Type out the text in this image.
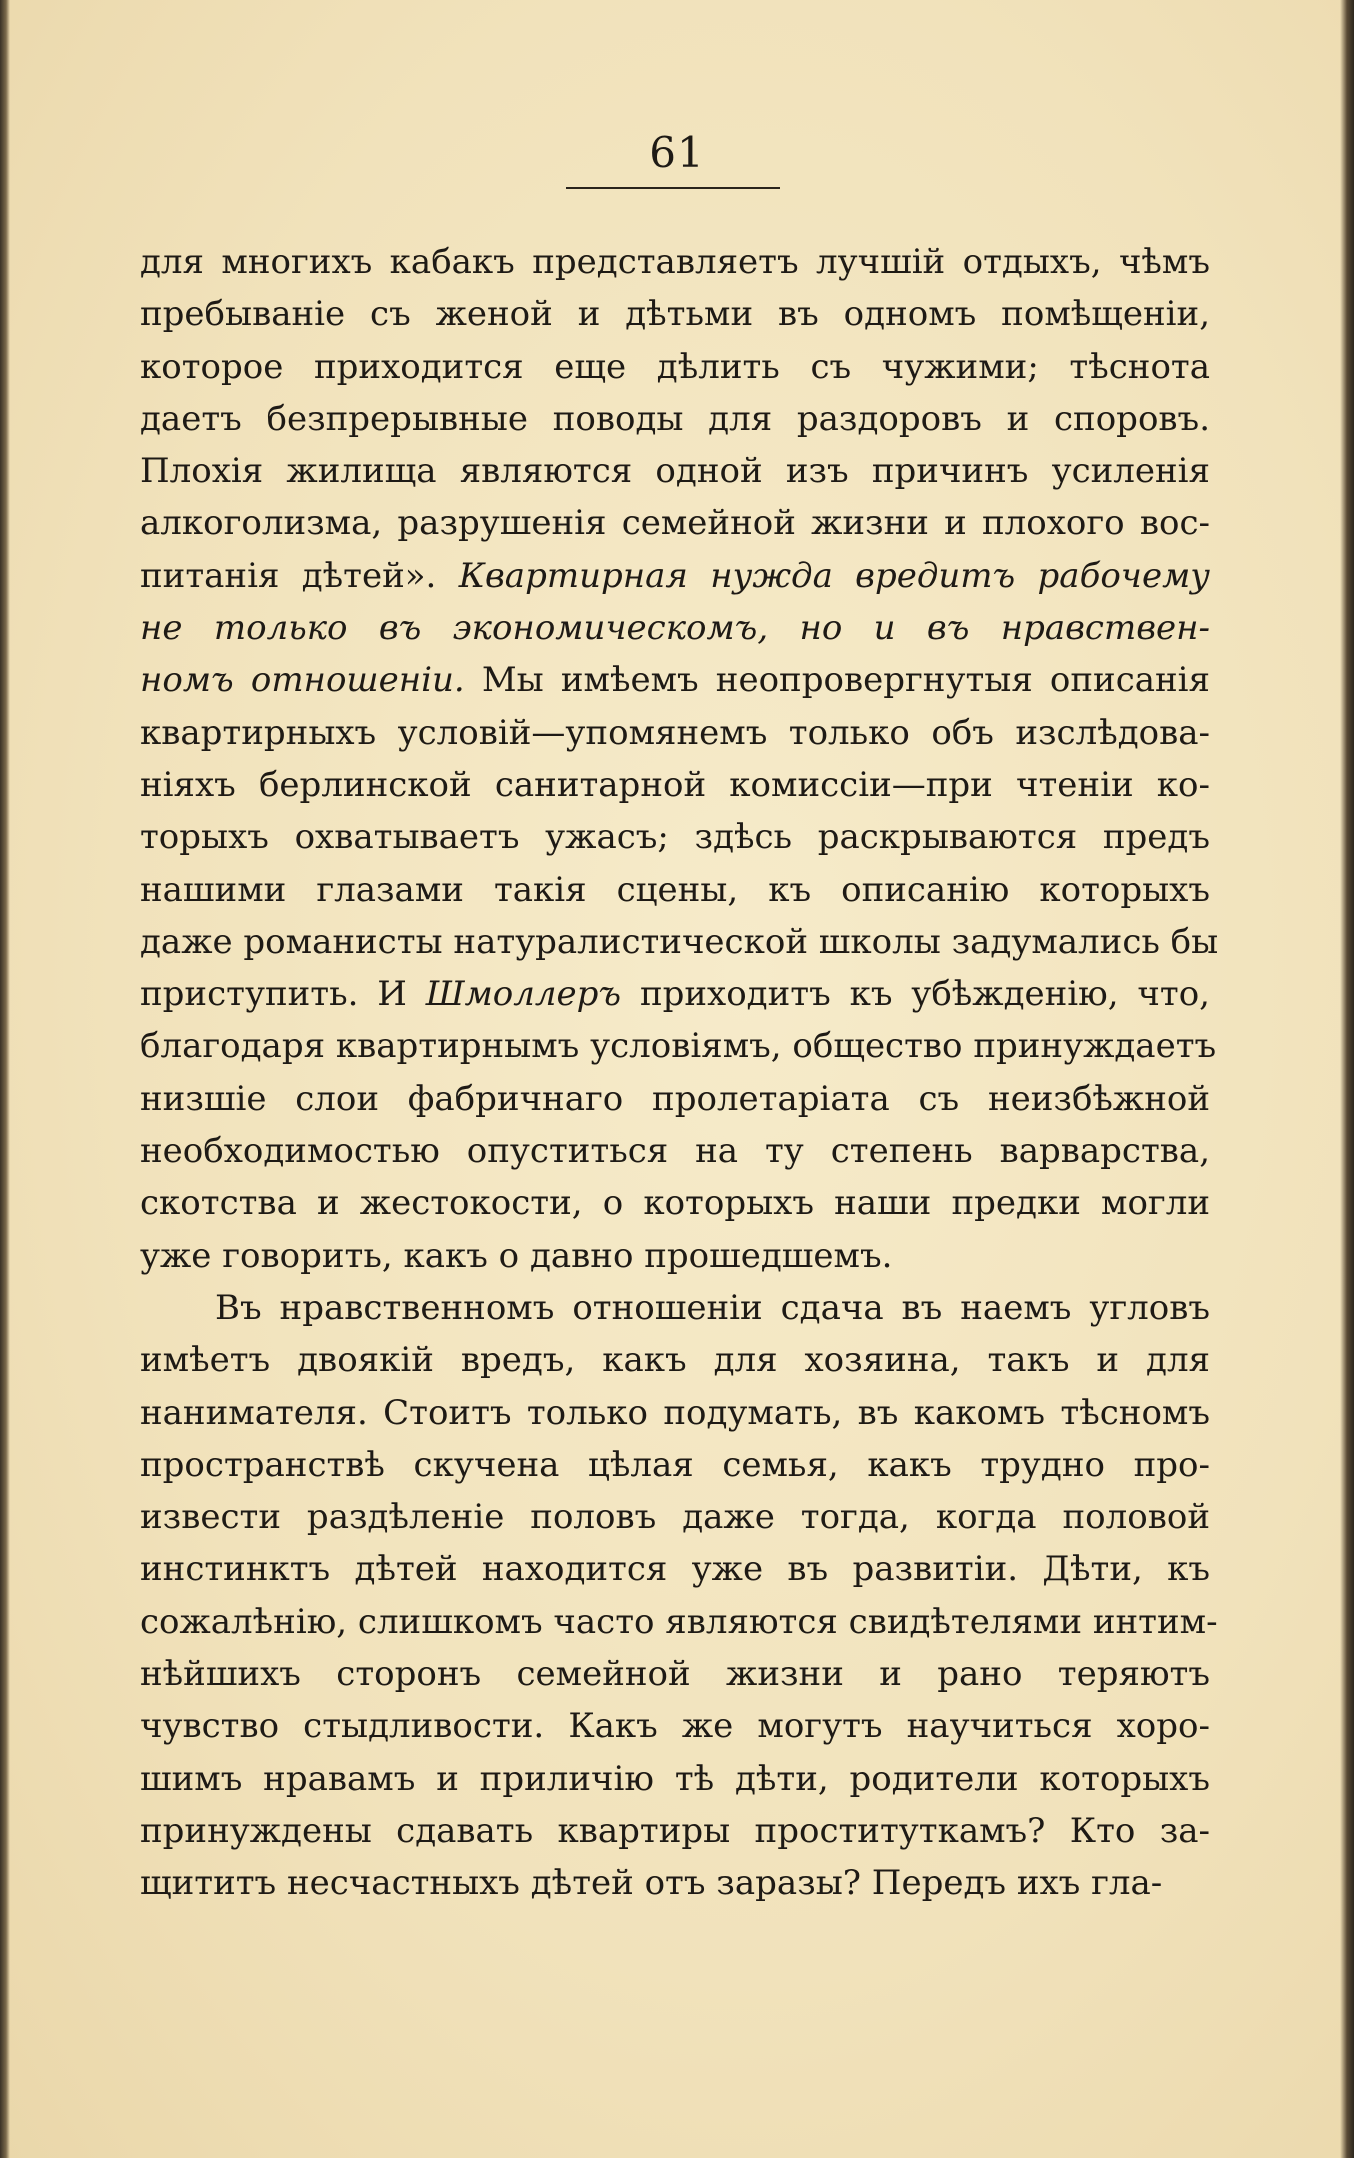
61
для многихъ кабакъ представляетъ лучшій отдыхъ, чѣмъ
пребываніе съ женой и дѣтьми въ одномъ помѣщеніи,
которое приходится еще дѣлить съ чужими; тѣснота
даетъ безпрерывные поводы для раздоровъ и споровъ.
Плохія жилища являются одной изъ причинъ усиленія
алкоголизма, разрушенія семейной жизни и плохого вос-
питанія дѣтей». Квартирная нужда вредитъ рабочему
не только въ экономическомъ, но и въ нравствен-
номъ отношеніи. Мы имѣемъ неопровергнутыя описанія
квартирныхъ условій—упомянемъ только объ изслѣдова-
ніяхъ берлинской санитарной комиссіи—при чтеніи ко-
торыхъ охватываетъ ужасъ; здѣсь раскрываются предъ
нашими глазами такія сцены, къ описанію которыхъ
даже романисты натуралистической школы задумались бы
приступить. И Шмоллеръ приходитъ къ убѣжденію, что,
благодаря квартирнымъ условіямъ, общество принуждаетъ
низшіе слои фабричнаго пролетаріата съ неизбѣжной
необходимостью опуститься на ту степень варварства,
скотства и жестокости, о которыхъ наши предки могли
уже говорить, какъ о давно прошедшемъ.
Въ нравственномъ отношеніи сдача въ наемъ угловъ
имѣетъ двоякій вредъ, какъ для хозяина, такъ и для
нанимателя. Стоитъ только подумать, въ какомъ тѣсномъ
пространствѣ скучена цѣлая семья, какъ трудно про-
извести раздѣленіе половъ даже тогда, когда половой
инстинктъ дѣтей находится уже въ развитіи. Дѣти, къ
сожалѣнію, слишкомъ часто являются свидѣтелями интим-
нѣйшихъ сторонъ семейной жизни и рано теряютъ
чувство стыдливости. Какъ же могутъ научиться хоро-
шимъ нравамъ и приличію тѣ дѣти, родители которыхъ
принуждены сдавать квартиры проституткамъ? Кто за-
щититъ несчастныхъ дѣтей отъ заразы? Передъ ихъ гла-
